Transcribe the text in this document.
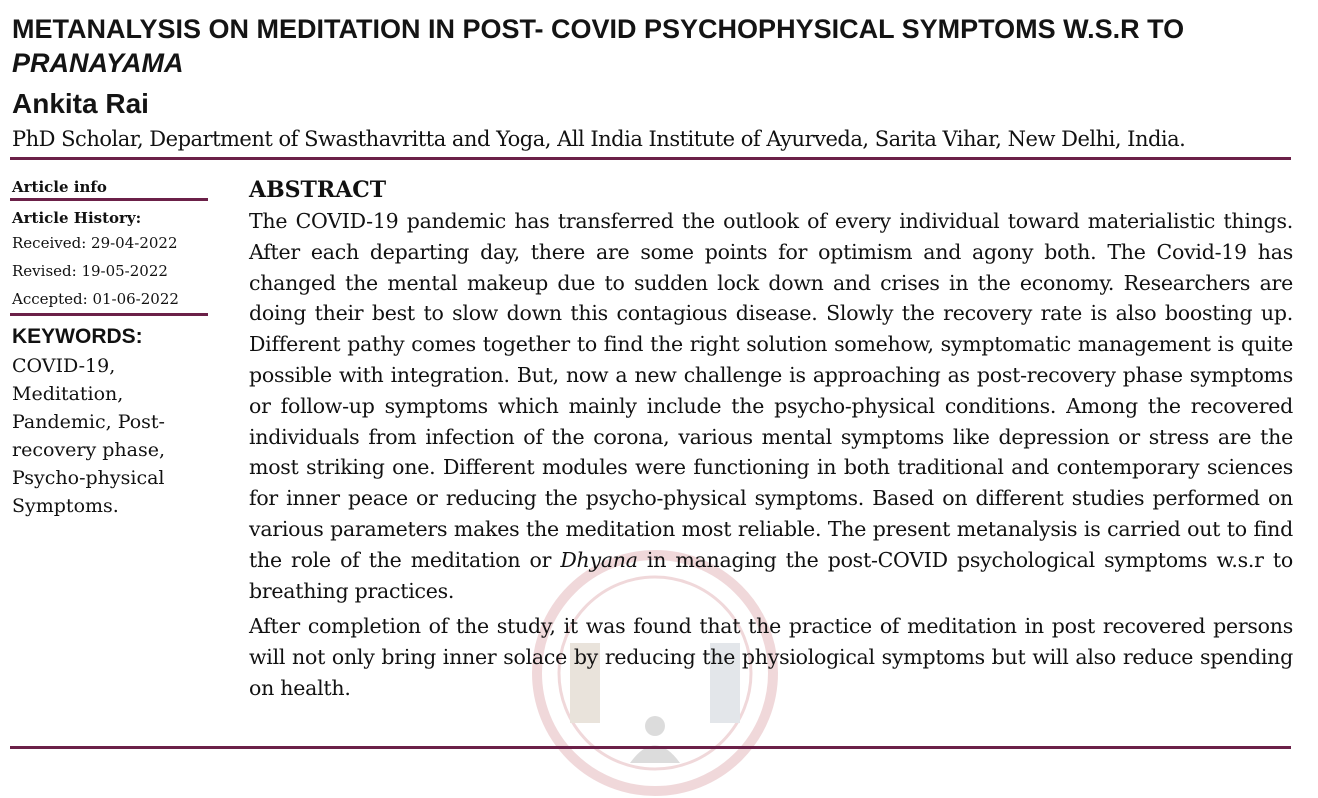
METANALYSIS ON MEDITATION IN POST- COVID PSYCHOPHYSICAL SYMPTOMS W.S.R TO
PRANAYAMA
Ankita Rai
PhD Scholar, Department of Swasthavritta and Yoga, All India Institute of Ayurveda, Sarita Vihar, New Delhi, India.
Article info
Article History:
Received: 29-04-2022
Revised: 19-05-2022
Accepted: 01-06-2022
KEYWORDS:
COVID-19, Meditation, Pandemic, Post-recovery phase, Psycho-physical Symptoms.
ABSTRACT

The COVID-19 pandemic has transferred the outlook of every individual toward materialistic things. After each departing day, there are some points for optimism and agony both. The Covid-19 has changed the mental makeup due to sudden lock down and crises in the economy. Researchers are doing their best to slow down this contagious disease. Slowly the recovery rate is also boosting up. Different pathy comes together to find the right solution somehow, symptomatic management is quite possible with integration. But, now a new challenge is approaching as post-recovery phase symptoms or follow-up symptoms which mainly include the psycho-physical conditions. Among the recovered individuals from infection of the corona, various mental symptoms like depression or stress are the most striking one. Different modules were functioning in both traditional and contemporary sciences for inner peace or reducing the psycho-physical symptoms. Based on different studies performed on various parameters makes the meditation most reliable. The present metanalysis is carried out to find the role of the meditation or Dhyana in managing the post-COVID psychological symptoms w.s.r to breathing practices.

After completion of the study, it was found that the practice of meditation in post recovered persons will not only bring inner solace by reducing the physiological symptoms but will also reduce spending on health.
